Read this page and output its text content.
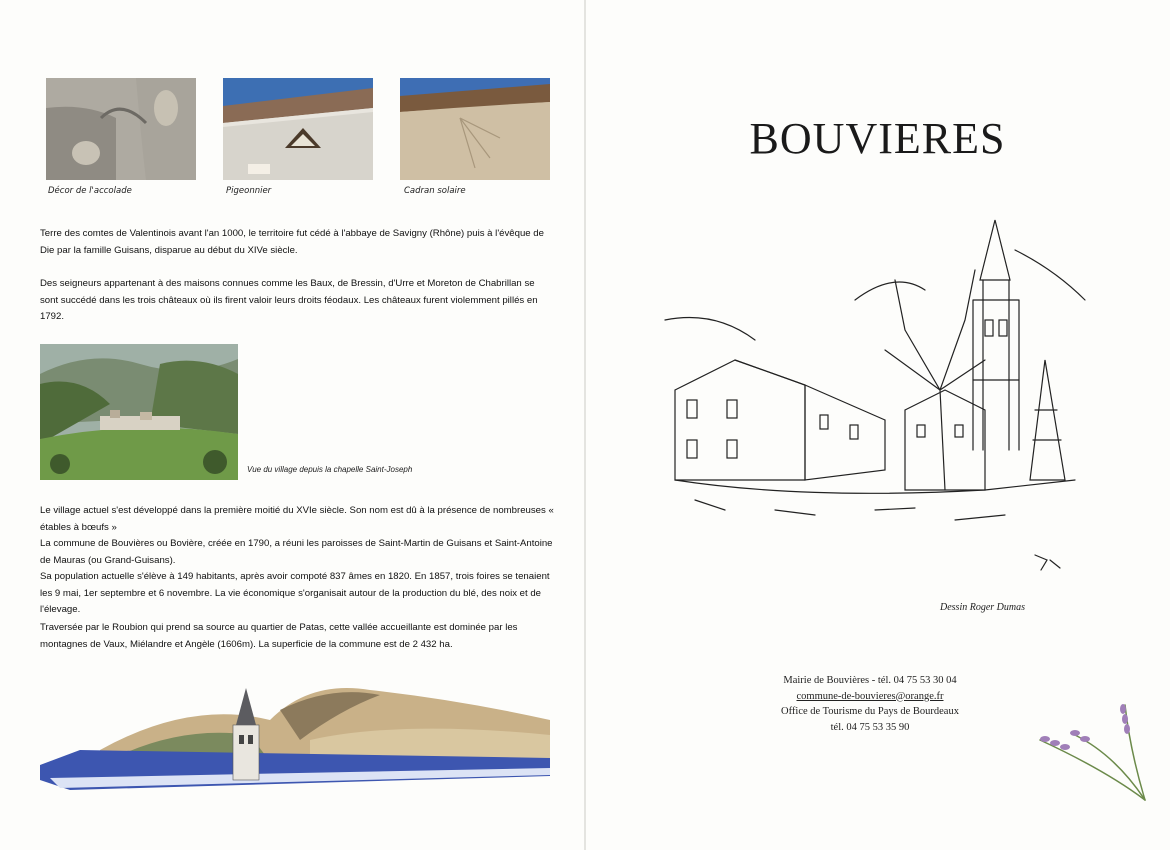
Décor de l'accolade	Pigeonnier	Cadran solaire
Terre des comtes de Valentinois avant l'an 1000, le territoire fut cédé à l'abbaye de Savigny (Rhône) puis à l'évêque de Die par la famille Guisans, disparue au début du XIVe siècle.
Des seigneurs appartenant à des maisons connues comme les Baux, de Bressin, d'Urre et Moreton de Chabrillan se sont succédé dans les trois châteaux où ils firent valoir leurs droits féodaux. Les châteaux furent violemment pillés en 1792.
Vue du village depuis la chapelle Saint-Joseph
Le village actuel s'est développé dans la première moitié du XVIe siècle. Son nom est dû à la présence de nombreuses « étables à bœufs »
La commune de Bouvières ou Bovière, créée en 1790, a réuni les paroisses de Saint-Martin de Guisans et Saint-Antoine de Mauras (ou Grand-Guisans).
Sa population actuelle s'élève à 149 habitants, après avoir compoté 837 âmes en 1820. En 1857, trois foires se tenaient les 9 mai, 1er septembre et 6 novembre. La vie économique s'organisait autour de la production du blé, des noix et de l'élevage.
Traversée par le Roubion qui prend sa source au quartier de Patas, cette vallée accueillante est dominée par les montagnes de Vaux, Miélandre et Angèle (1606m). La superficie de la commune est de 2 432 ha.
BOUVIERES
Dessin Roger Dumas
Mairie de Bouvières - tél. 04 75 53 30 04
commune-de-bouvieres@orange.fr
Office de Tourisme du Pays de Bourdeaux
tél. 04 75 53 35 90
